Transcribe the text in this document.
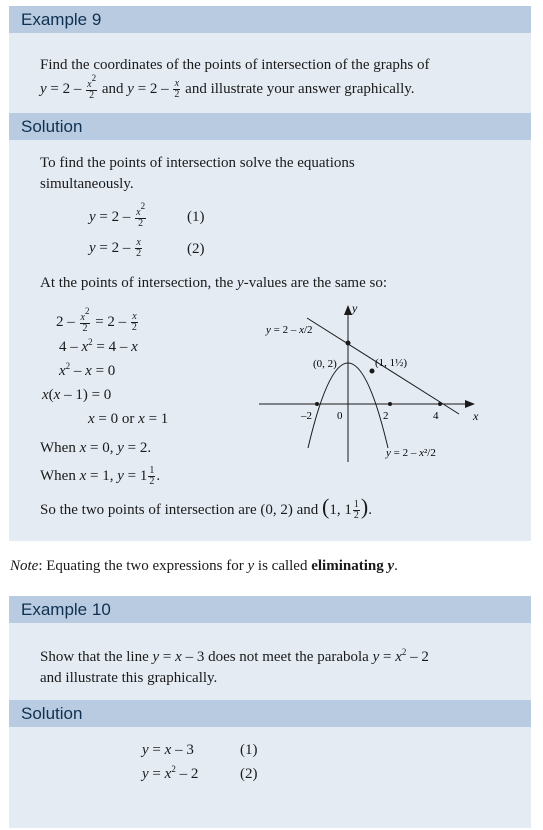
Example 9
Find the coordinates of the points of intersection of the graphs of
$y = 2 - \frac{x^2}{2}$ and $y = 2 - \frac{x}{2}$ and illustrate your answer graphically.
Solution
To find the points of intersection solve the equations
simultaneously.
$y = 2 - \frac{x^2}{2}$	(1)
$y = 2 - \frac{x}{2}$	(2)
At the points of intersection, the y-values are the same so:
$2 - \frac{x^2}{2} = 2 - \frac{x}{2}$
$4 - x^2 = 4 - x$
$x^2 - x = 0$
x(x – 1) = 0
x = 0 or x = 1
When x = 0, y = 2.
When x = 1, $y = 1 \frac{1}{2}$ .
So the two points of intersection are (0, 2) and (1, $1 \frac{1}{2}$ ).
y
x
–2 0	2	4
(0, 2)	(1, 1½)
y = 2 – x/2
y = 2 – x²/2
Note: Equating the two expressions for y is called eliminating y.
Example 10
Show that the line y = x – 3 does not meet the parabola $y = x^2 - 2$
and illustrate this graphically.
Solution
y = x – 3	(1)
$y = x^2 - 2$	(2)
